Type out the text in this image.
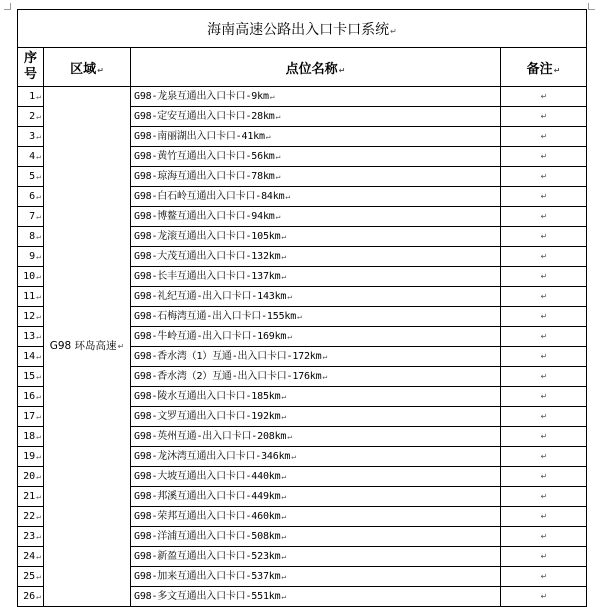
海南高速公路出入口卡口系统↵			
序号	区域↵	点位名称↵	备注↵
1↵	G98 环岛高速↵	G98-龙泉互通出入口卡口-9km↵	↵
2↵		G98-定安互通出入口卡口-28km↵	↵
3↵		G98-南丽湖出入口卡口-41km↵	↵
4↵		G98-黄竹互通出入口卡口-56km↵	↵
5↵		G98-琼海互通出入口卡口-78km↵	↵
6↵		G98-白石岭互通出入口卡口-84km↵	↵
7↵		G98-博鳌互通出入口卡口-94km↵	↵
8↵		G98-龙滚互通出入口卡口-105km↵	↵
9↵		G98-大茂互通出入口卡口-132km↵	↵
10↵		G98-长丰互通出入口卡口-137km↵	↵
11↵		G98-礼纪互通-出入口卡口-143km↵	↵
12↵		G98-石梅湾互通-出入口卡口-155km↵	↵
13↵		G98-牛岭互通-出入口卡口-169km↵	↵
14↵		G98-香水湾（1）互通-出入口卡口-172km↵	↵
15↵		G98-香水湾（2）互通-出入口卡口-176km↵	↵
16↵		G98-陵水互通出入口卡口-185km↵	↵
17↵		G98-文罗互通出入口卡口-192km↵	↵
18↵		G98-英州互通-出入口卡口-208km↵	↵
19↵		G98-龙沐湾互通出入口卡口-346km↵	↵
20↵		G98-大坡互通出入口卡口-440km↵	↵
21↵		G98-邦溪互通出入口卡口-449km↵	↵
22↵		G98-荣邦互通出入口卡口-460km↵	↵
23↵		G98-洋浦互通出入口卡口-508km↵	↵
24↵		G98-新盈互通出入口卡口-523km↵	↵
25↵		G98-加来互通出入口卡口-537km↵	↵
26↵		G98-多文互通出入口卡口-551km↵	↵
